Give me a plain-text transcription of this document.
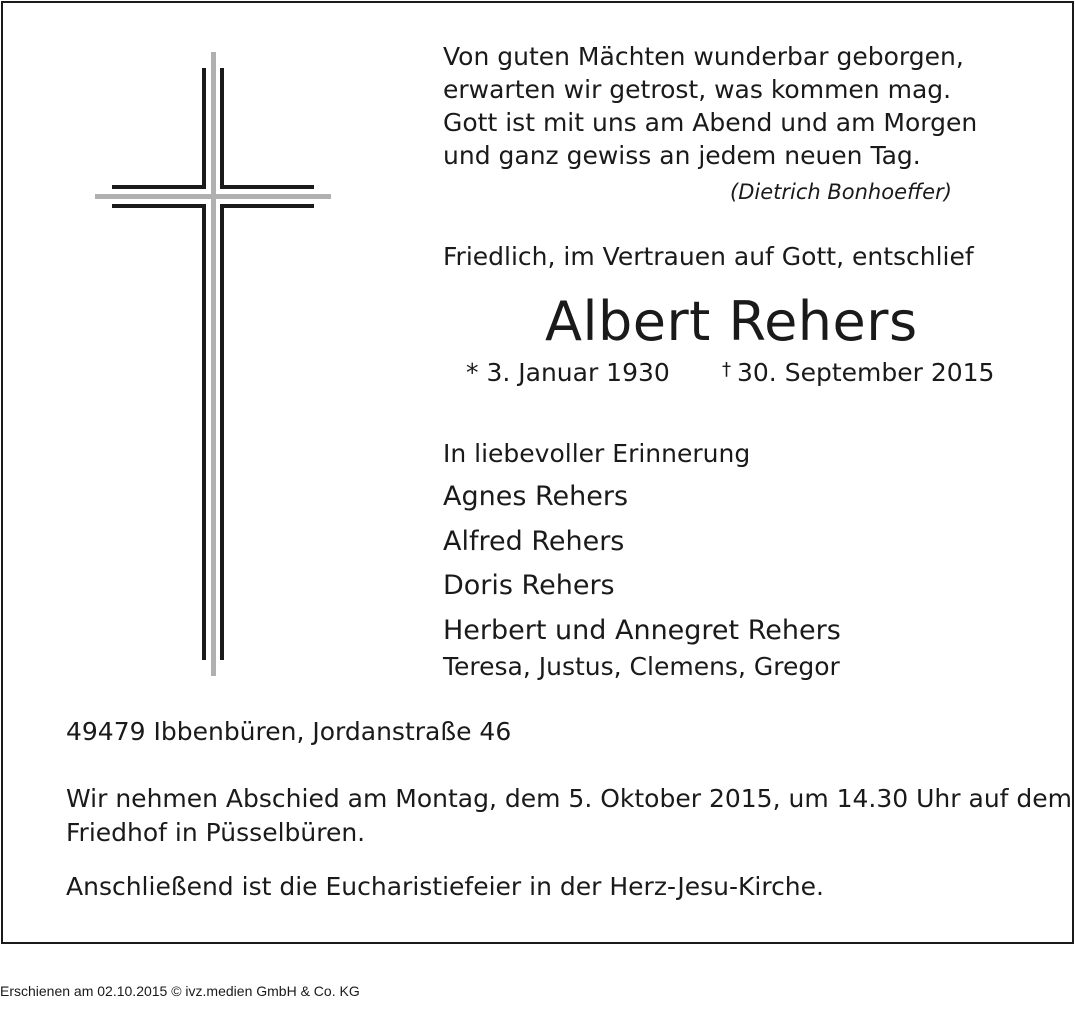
Von guten Mächten wunderbar geborgen,
erwarten wir getrost, was kommen mag.
Gott ist mit uns am Abend und am Morgen
und ganz gewiss an jedem neuen Tag.
(Dietrich Bonhoeffer)
Friedlich, im Vertrauen auf Gott, entschlief
Albert Rehers
* 3. Januar 1930	† 30. September 2015
In liebevoller Erinnerung
Agnes Rehers
Alfred Rehers
Doris Rehers
Herbert und Annegret Rehers
Teresa, Justus, Clemens, Gregor
49479 Ibbenbüren, Jordanstraße 46
Wir nehmen Abschied am Montag, dem 5. Oktober 2015, um 14.30 Uhr auf dem
Friedhof in Püsselbüren.
Anschließend ist die Eucharistiefeier in der Herz-Jesu-Kirche.
Erschienen am 02.10.2015 © ivz.medien GmbH & Co. KG
